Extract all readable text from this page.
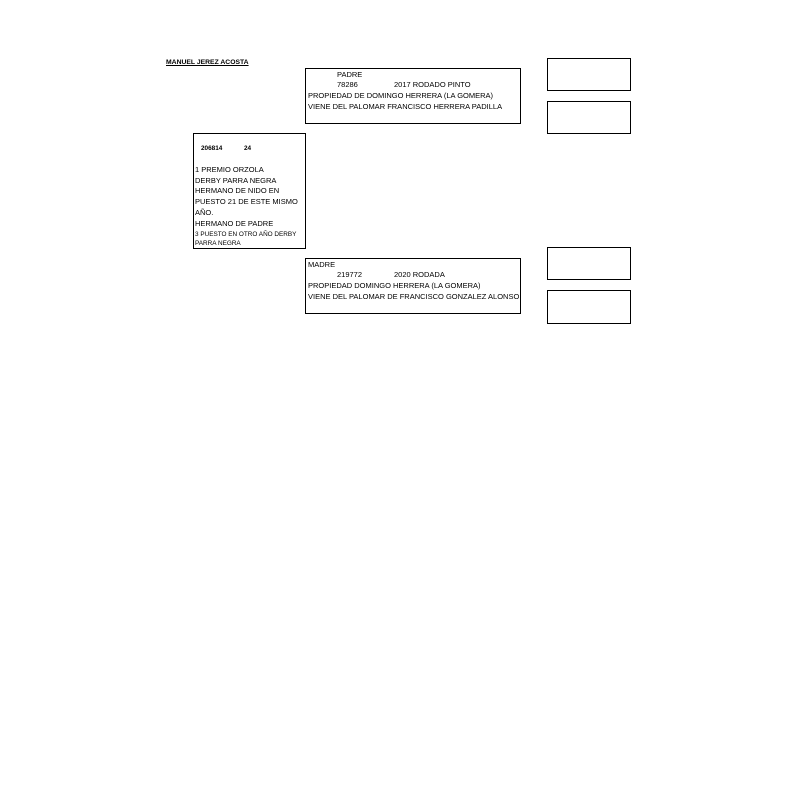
MANUEL JEREZ ACOSTA
PADRE
78286	2017 RODADO PINTO
PROPIEDAD DE DOMINGO HERRERA (LA GOMERA)
VIENE DEL PALOMAR FRANCISCO HERRERA PADILLA
206814	24
1 PREMIO ORZOLA
DERBY PARRA NEGRA
HERMANO DE NIDO EN
PUESTO 21 DE ESTE MISMO
AÑO.
HERMANO DE PADRE
3 PUESTO EN OTRO AÑO DERBY
PARRA NEGRA
MADRE
219772	2020 RODADA
PROPIEDAD DOMINGO HERRERA (LA GOMERA)
VIENE DEL PALOMAR DE FRANCISCO GONZALEZ ALONSO
